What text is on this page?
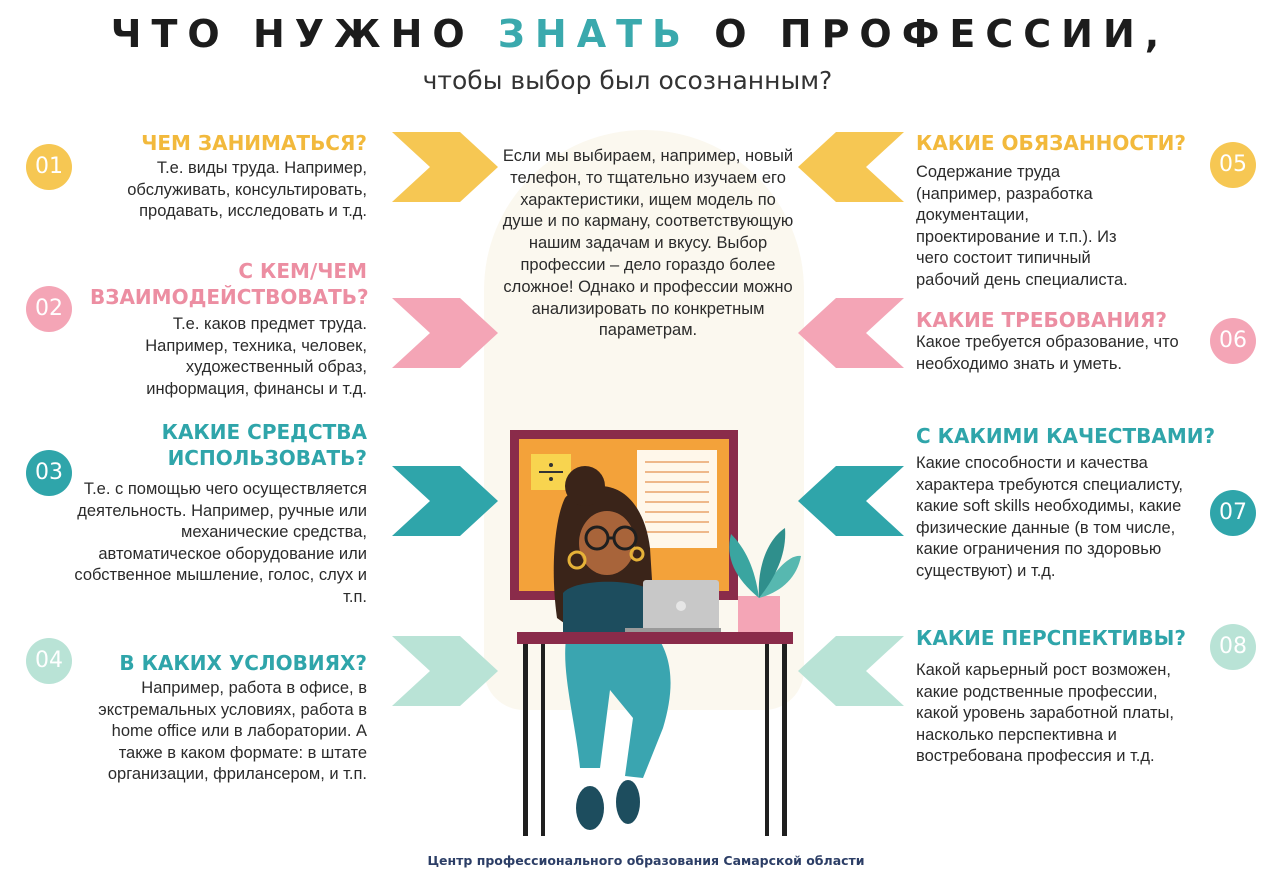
ЧТО НУЖНО ЗНАТЬ О ПРОФЕССИИ,
чтобы выбор был осознанным?
Если мы выбираем, например, новый телефон, то тщательно изучаем его характеристики, ищем модель по душе и по карману, соответствующую нашим задачам и вкусу. Выбор профессии – дело гораздо более сложное! Однако и профессии можно анализировать по конкретным параметрам.
01
ЧЕМ ЗАНИМАТЬСЯ?
Т.е. виды труда. Например, обслуживать, консультировать, продавать, исследовать и т.д.
02
С КЕМ/ЧЕМ ВЗАИМОДЕЙСТВОВАТЬ?
Т.е. каков предмет труда. Например, техника, человек, художественный образ, информация, финансы и т.д.
03
КАКИЕ СРЕДСТВА ИСПОЛЬЗОВАТЬ?
Т.е. с помощью чего осуществляется деятельность. Например, ручные или механические средства, автоматическое оборудование или собственное мышление, голос, слух и т.п.
04	В КАКИХ УСЛОВИЯХ?
Например, работа в офисе, в экстремальных условиях, работа в home office или в лаборатории. А также в каком формате: в штате организации, фрилансером, и т.п.
05
КАКИЕ ОБЯЗАННОСТИ?
Содержание труда (например, разработка документации, проектирование и т.п.). Из чего состоит типичный рабочий день специалиста.
06
КАКИЕ ТРЕБОВАНИЯ?
Какое требуется образование, что необходимо знать и уметь.
07
С КАКИМИ КАЧЕСТВАМИ?
Какие способности и качества характера требуются специалисту, какие soft skills необходимы, какие физические данные (в том числе, какие ограничения по здоровью существуют) и т.д.
08
КАКИЕ ПЕРСПЕКТИВЫ?
Какой карьерный рост возможен, какие родственные профессии, какой уровень заработной платы, насколько перспективна и востребована профессия и т.д.
Центр профессионального образования Самарской области
